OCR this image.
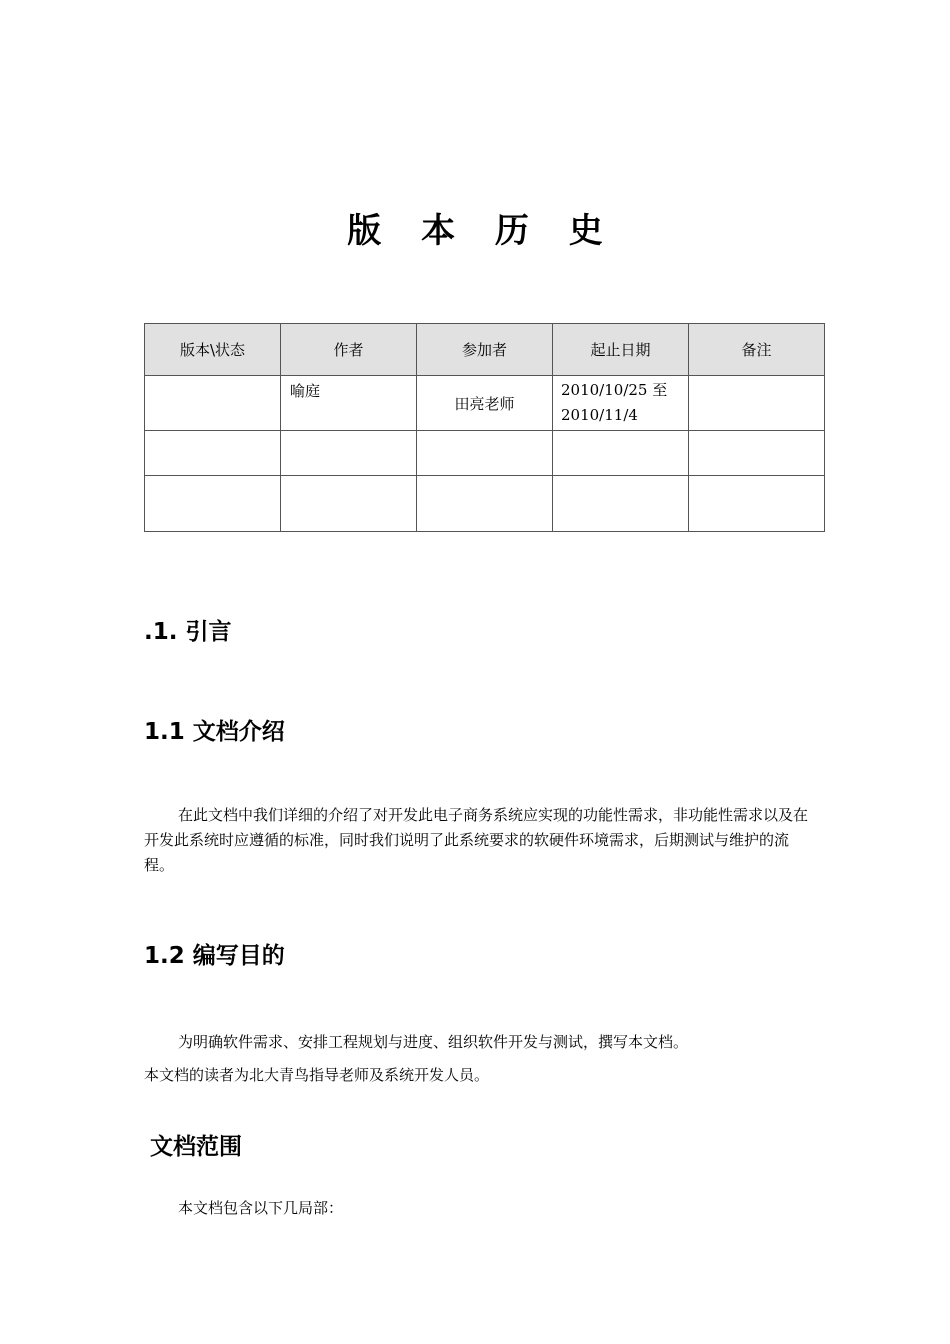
版 本 历 史
版本\状态	作者	参加者	起止日期	备注
	喻庭	田亮老师	2010/10/25 至
2010/11/4	

.1. 引言
1.1 文档介绍
在此文档中我们详细的介绍了对开发此电子商务系统应实现的功能性需求，非功能性需求以及在开发此系统时应遵循的标准，同时我们说明了此系统要求的软硬件环境需求，后期测试与维护的流程。
1.2 编写目的
为明确软件需求、安排工程规划与进度、组织软件开发与测试，撰写本文档。
本文档的读者为北大青鸟指导老师及系统开发人员。
文档范围
本文档包含以下几局部：
